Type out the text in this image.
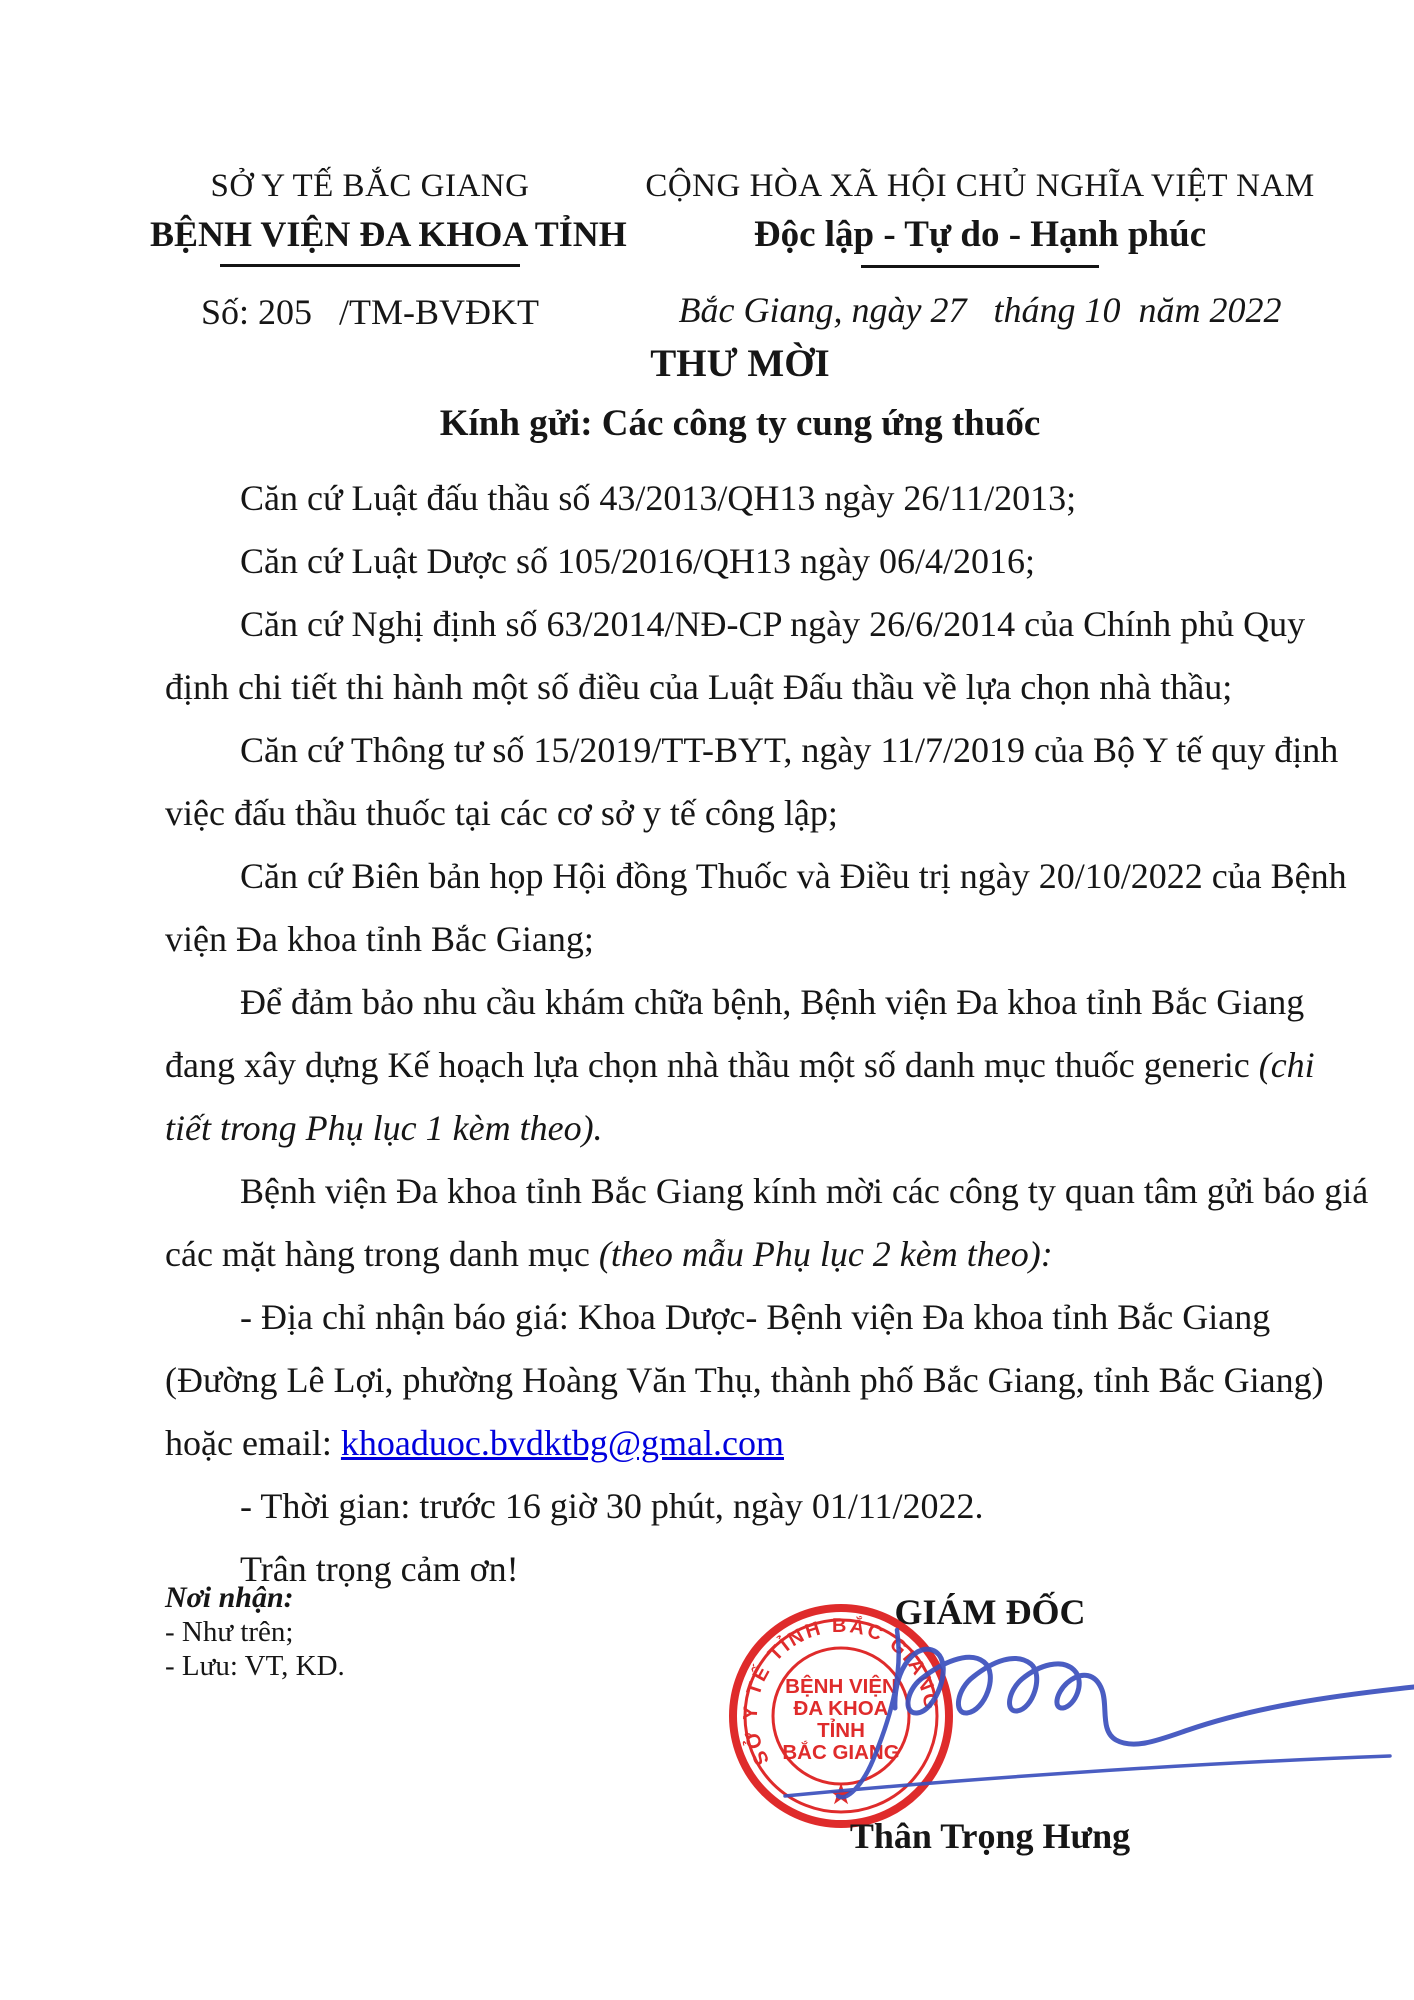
SỞ Y TẾ BẮC GIANG
BỆNH VIỆN ĐA KHOA TỈNH
Số: 205   /TM-BVĐKT
CỘNG HÒA XÃ HỘI CHỦ NGHĨA VIỆT NAM
Độc lập - Tự do - Hạnh phúc
Bắc Giang, ngày 27   tháng 10  năm 2022
THƯ MỜI
Kính gửi: Các công ty cung ứng thuốc
Căn cứ Luật đấu thầu số 43/2013/QH13 ngày 26/11/2013;
Căn cứ Luật Dược số 105/2016/QH13 ngày 06/4/2016;
Căn cứ Nghị định số 63/2014/NĐ-CP ngày 26/6/2014 của Chính phủ Quy
định chi tiết thi hành một số điều của Luật Đấu thầu về lựa chọn nhà thầu;
Căn cứ Thông tư số 15/2019/TT-BYT, ngày 11/7/2019 của Bộ Y tế quy định
việc đấu thầu thuốc tại các cơ sở y tế công lập;
Căn cứ Biên bản họp Hội đồng Thuốc và Điều trị ngày 20/10/2022 của Bệnh
viện Đa khoa tỉnh Bắc Giang;
Để đảm bảo nhu cầu khám chữa bệnh, Bệnh viện Đa khoa tỉnh Bắc Giang
đang xây dựng Kế hoạch lựa chọn nhà thầu một số danh mục thuốc generic (chi
tiết trong Phụ lục 1 kèm theo).
Bệnh viện Đa khoa tỉnh Bắc Giang kính mời các công ty quan tâm gửi báo giá
các mặt hàng trong danh mục (theo mẫu Phụ lục 2 kèm theo):
- Địa chỉ nhận báo giá: Khoa Dược- Bệnh viện Đa khoa tỉnh Bắc Giang
(Đường Lê Lợi, phường Hoàng Văn Thụ, thành phố Bắc Giang, tỉnh Bắc Giang)
hoặc email: khoaduoc.bvdktbg@gmal.com
- Thời gian: trước 16 giờ 30 phút, ngày 01/11/2022.
Trân trọng cảm ơn!
Nơi nhận:
- Như trên;
- Lưu: VT, KD.
GIÁM ĐỐC
SỞ Y TẾ TỈNH BẮC GIANG
BỆNH VIỆN
ĐA KHOA
TỈNH
BẮC GIANG
★
Thân Trọng Hưng
